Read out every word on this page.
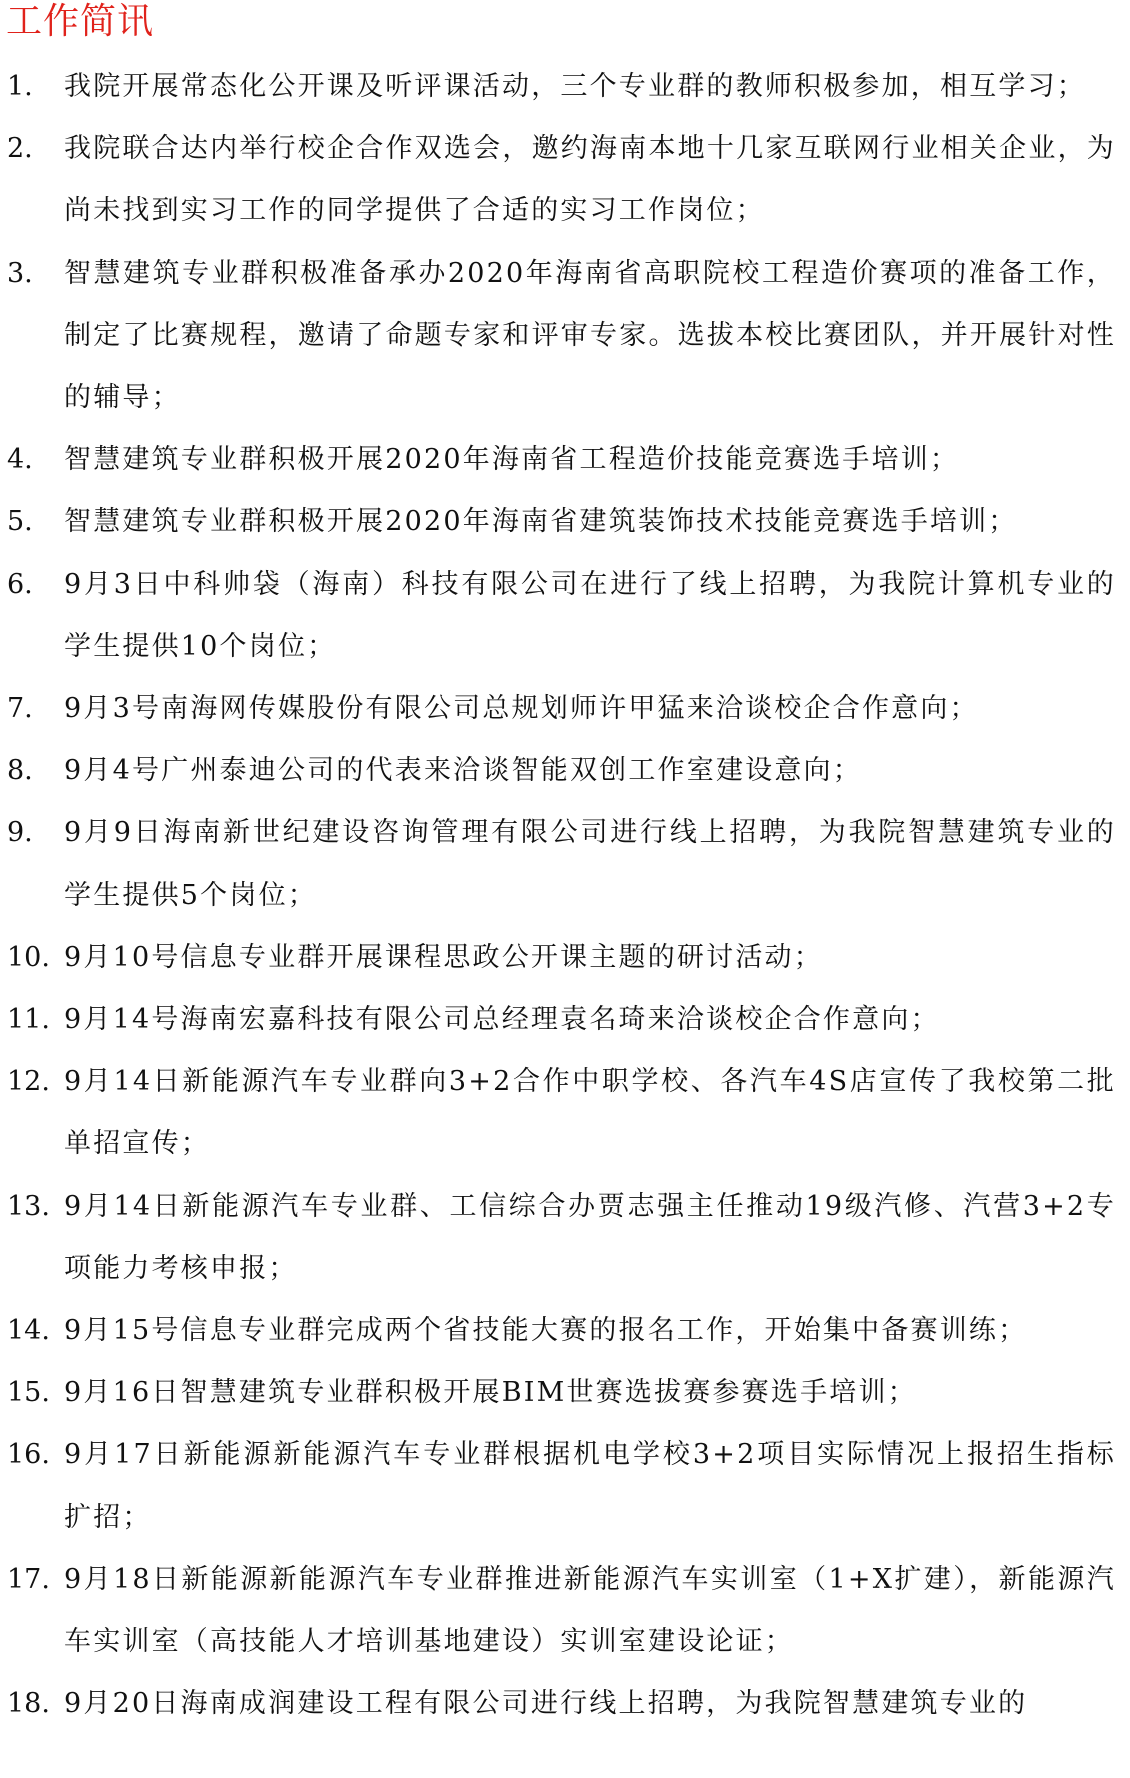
工作简讯
1. 我院开展常态化公开课及听评课活动，三个专业群的教师积极参加，相互学习；
2. 我院联合达内举行校企合作双选会，邀约海南本地十几家互联网行业相关企业，为尚未找到实习工作的同学提供了合适的实习工作岗位；
3. 智慧建筑专业群积极准备承办2020年海南省高职院校工程造价赛项的准备工作，制定了比赛规程，邀请了命题专家和评审专家。选拔本校比赛团队，并开展针对性的辅导；
4. 智慧建筑专业群积极开展2020年海南省工程造价技能竞赛选手培训；
5. 智慧建筑专业群积极开展2020年海南省建筑装饰技术技能竞赛选手培训；
6. 9月3日中科帅袋（海南）科技有限公司在进行了线上招聘，为我院计算机专业的学生提供10个岗位；
7. 9月3号南海网传媒股份有限公司总规划师许甲猛来洽谈校企合作意向；
8. 9月4号广州泰迪公司的代表来洽谈智能双创工作室建设意向；
9. 9月9日海南新世纪建设咨询管理有限公司进行线上招聘，为我院智慧建筑专业的学生提供5个岗位；
10. 9月10号信息专业群开展课程思政公开课主题的研讨活动；
11. 9月14号海南宏嘉科技有限公司总经理袁名琦来洽谈校企合作意向；
12. 9月14日新能源汽车专业群向3+2合作中职学校、各汽车4S店宣传了我校第二批单招宣传；
13. 9月14日新能源汽车专业群、工信综合办贾志强主任推动19级汽修、汽营3+2专项能力考核申报；
14. 9月15号信息专业群完成两个省技能大赛的报名工作，开始集中备赛训练；
15. 9月16日智慧建筑专业群积极开展BIM世赛选拔赛参赛选手培训；
16. 9月17日新能源新能源汽车专业群根据机电学校3+2项目实际情况上报招生指标扩招；
17. 9月18日新能源新能源汽车专业群推进新能源汽车实训室（1+X扩建），新能源汽车实训室（高技能人才培训基地建设）实训室建设论证；
18. 9月20日海南成润建设工程有限公司进行线上招聘，为我院智慧建筑专业的
